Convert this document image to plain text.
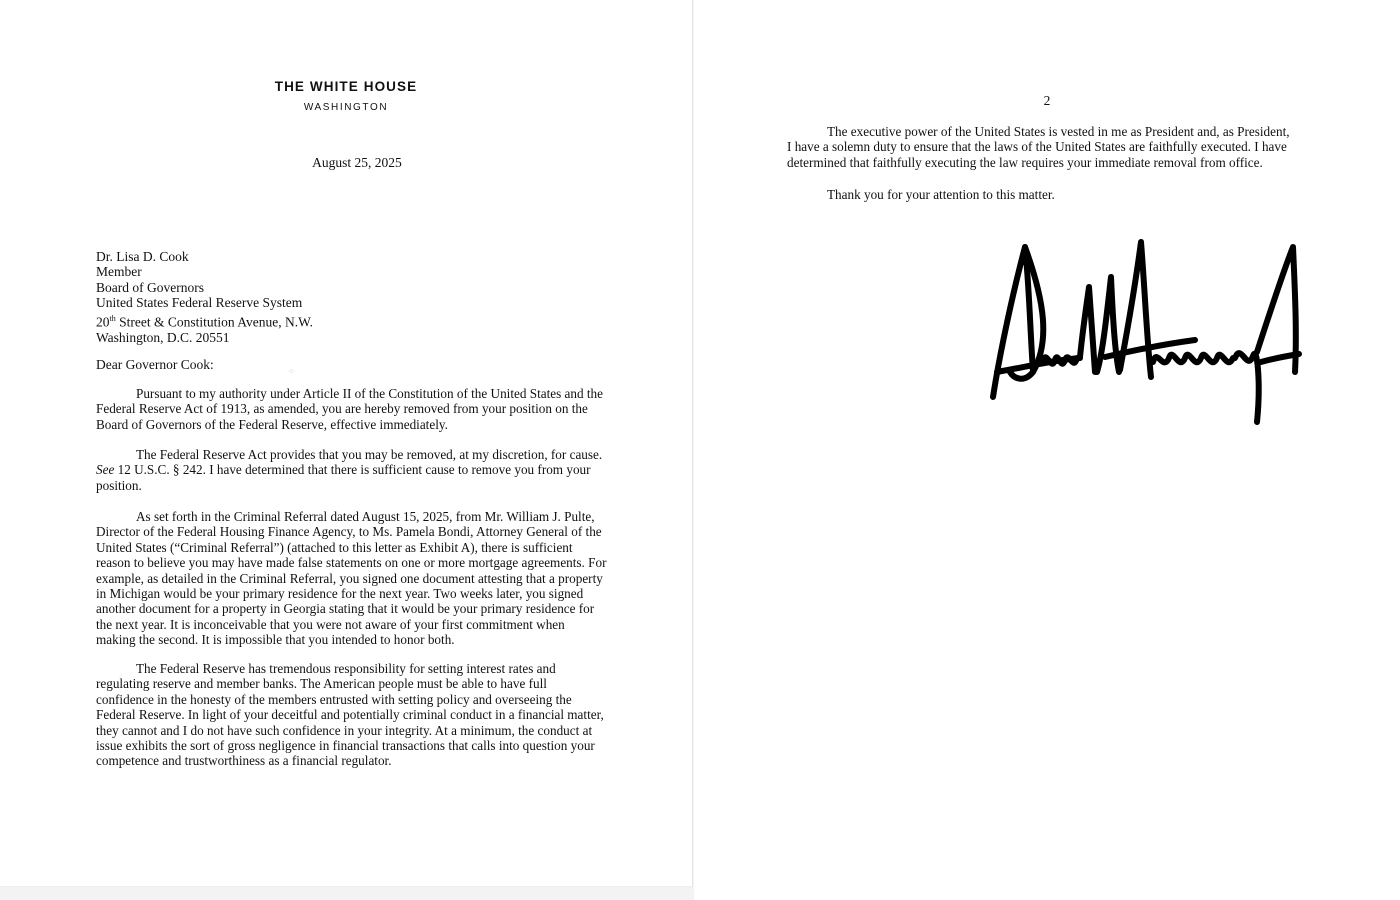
THE WHITE HOUSE
WASHINGTON
August 25, 2025
Dr. Lisa D. Cook
Member
Board of Governors
United States Federal Reserve System
20th Street & Constitution Avenue, N.W.
Washington, D.C. 20551
Dear Governor Cook:	⁘
Pursuant to my authority under Article II of the Constitution of the United States and the
Federal Reserve Act of 1913, as amended, you are hereby removed from your position on the
Board of Governors of the Federal Reserve, effective immediately.
The Federal Reserve Act provides that you may be removed, at my discretion, for cause.
See 12 U.S.C. § 242. I have determined that there is sufficient cause to remove you from your
position.
As set forth in the Criminal Referral dated August 15, 2025, from Mr. William J. Pulte,
Director of the Federal Housing Finance Agency, to Ms. Pamela Bondi, Attorney General of the
United States (“Criminal Referral”) (attached to this letter as Exhibit A), there is sufficient
reason to believe you may have made false statements on one or more mortgage agreements. For
example, as detailed in the Criminal Referral, you signed one document attesting that a property
in Michigan would be your primary residence for the next year. Two weeks later, you signed
another document for a property in Georgia stating that it would be your primary residence for
the next year. It is inconceivable that you were not aware of your first commitment when
making the second. It is impossible that you intended to honor both.
The Federal Reserve has tremendous responsibility for setting interest rates and
regulating reserve and member banks. The American people must be able to have full
confidence in the honesty of the members entrusted with setting policy and overseeing the
Federal Reserve. In light of your deceitful and potentially criminal conduct in a financial matter,
they cannot and I do not have such confidence in your integrity. At a minimum, the conduct at
issue exhibits the sort of gross negligence in financial transactions that calls into question your
competence and trustworthiness as a financial regulator.
2
The executive power of the United States is vested in me as President and, as President,
I have a solemn duty to ensure that the laws of the United States are faithfully executed. I have
determined that faithfully executing the law requires your immediate removal from office.
Thank you for your attention to this matter.
